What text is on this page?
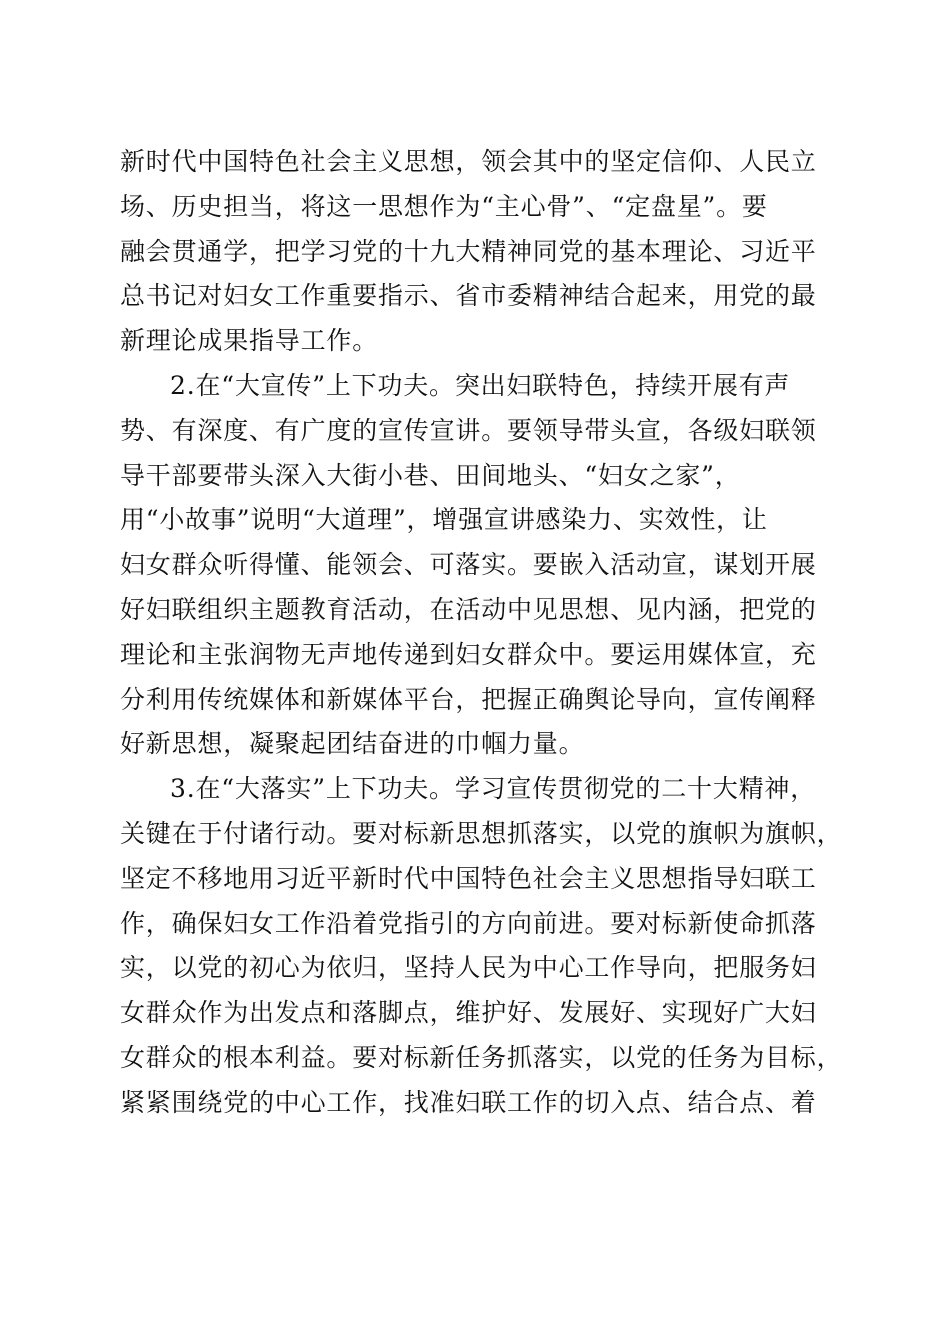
新时代中国特色社会主义思想，领会其中的坚定信仰、人民立
场、历史担当，将这一思想作为“主心骨”、“定盘星”。要
融会贯通学，把学习党的十九大精神同党的基本理论、习近平
总书记对妇女工作重要指示、省市委精神结合起来，用党的最
新理论成果指导工作。
2.在“大宣传”上下功夫。突出妇联特色，持续开展有声
势、有深度、有广度的宣传宣讲。要领导带头宣，各级妇联领
导干部要带头深入大街小巷、田间地头、“妇女之家”，
用“小故事”说明“大道理”，增强宣讲感染力、实效性，让
妇女群众听得懂、能领会、可落实。要嵌入活动宣，谋划开展
好妇联组织主题教育活动，在活动中见思想、见内涵，把党的
理论和主张润物无声地传递到妇女群众中。要运用媒体宣，充
分利用传统媒体和新媒体平台，把握正确舆论导向，宣传阐释
好新思想，凝聚起团结奋进的巾帼力量。
3.在“大落实”上下功夫。学习宣传贯彻党的二十大精神，
关键在于付诸行动。要对标新思想抓落实，以党的旗帜为旗帜，
坚定不移地用习近平新时代中国特色社会主义思想指导妇联工
作，确保妇女工作沿着党指引的方向前进。要对标新使命抓落
实，以党的初心为依归，坚持人民为中心工作导向，把服务妇
女群众作为出发点和落脚点，维护好、发展好、实现好广大妇
女群众的根本利益。要对标新任务抓落实，以党的任务为目标，
紧紧围绕党的中心工作，找准妇联工作的切入点、结合点、着
